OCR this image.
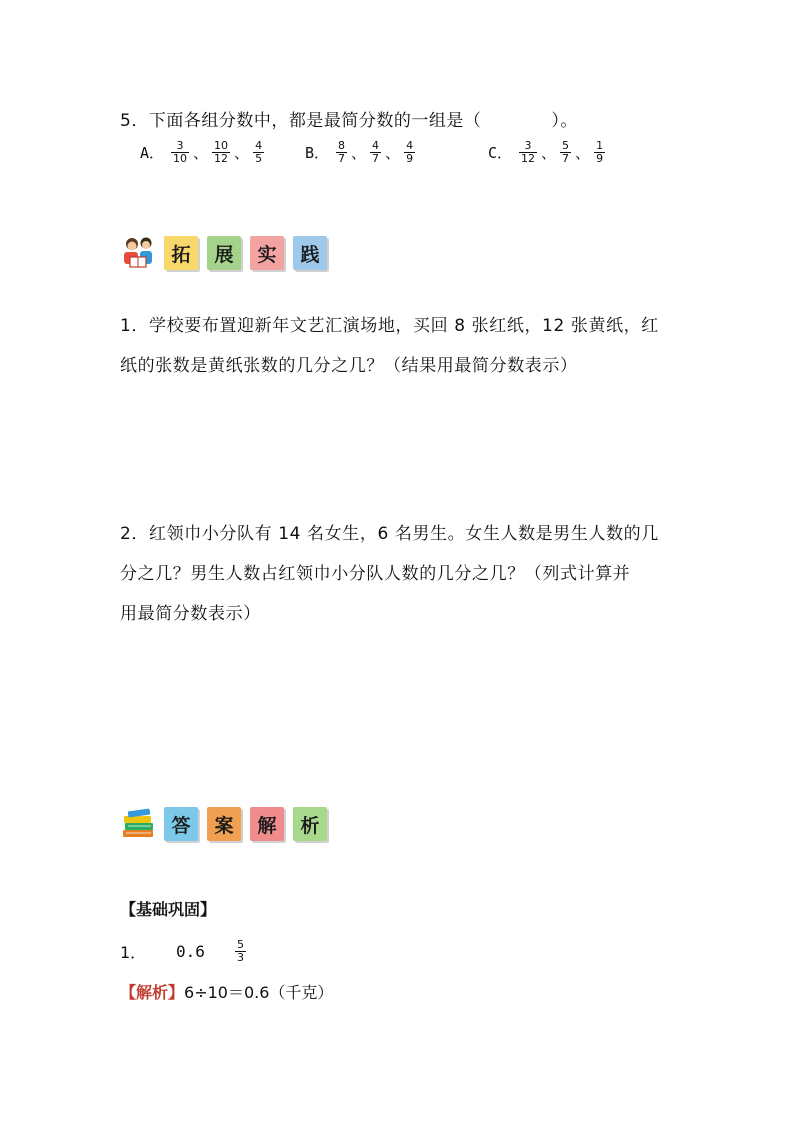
5．下面各组分数中，都是最简分数的一组是（　　　　）。
A． $\frac{3}{10}$ 、 $\frac{10}{12}$ 、 $\frac{4}{5}$	B． $\frac{8}{7}$ 、 $\frac{4}{7}$ 、 $\frac{4}{9}$	C． $\frac{3}{12}$ 、 $\frac{5}{7}$ 、 $\frac{1}{9}$
拓	展	实	践
1．学校要布置迎新年文艺汇演场地，买回 8 张红纸，12 张黄纸，红
纸的张数是黄纸张数的几分之几？（结果用最简分数表示）
2．红领巾小分队有 14 名女生，6 名男生。女生人数是男生人数的几
分之几？男生人数占红领巾小分队人数的几分之几？（列式计算并
用最简分数表示）
答	案	解	析
【基础巩固】
1．	0.6	$\frac{5}{3}$
【解析】6÷10＝0.6（千克）
